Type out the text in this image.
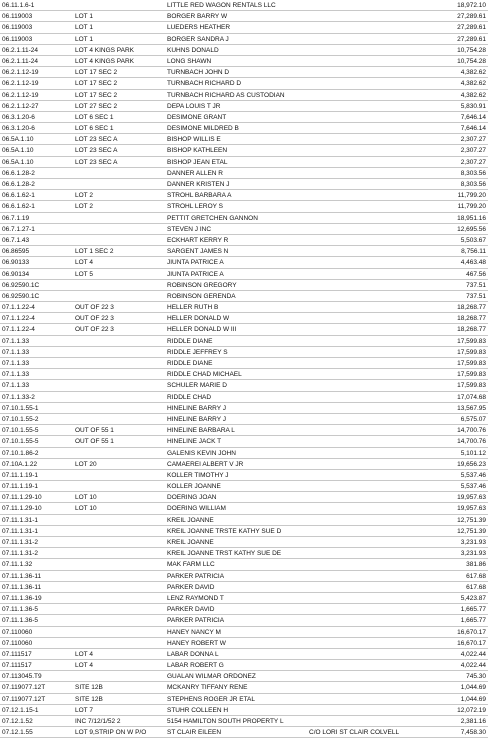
06.11.1.6-1	LITTLE RED WAGON RENTALS LLC	18,972.10
06.119003	LOT 1	BORGER BARRY W	27,289.61
06.119003	LOT 1	LUEDERS HEATHER	27,289.61
06.119003	LOT 1	BORGER SANDRA J	27,289.61
06.2.1.11-24	LOT 4 KINGS PARK	KUHNS DONALD	10,754.28
06.2.1.11-24	LOT 4 KINGS PARK	LONG SHAWN	10,754.28
06.2.1.12-19	LOT 17 SEC 2	TURNBACH JOHN D	4,382.62
06.2.1.12-19	LOT 17 SEC 2	TURNBACH RICHARD D	4,382.62
06.2.1.12-19	LOT 17 SEC 2	TURNBACH RICHARD AS CUSTODIAN	4,382.62
06.2.1.12-27	LOT 27 SEC 2	DEPA LOUIS T JR	5,830.91
06.3.1.20-6	LOT 6 SEC 1	DESIMONE GRANT	7,646.14
06.3.1.20-6	LOT 6 SEC 1	DESIMONE MILDRED B	7,646.14
06.5A.1.10	LOT 23 SEC A	BISHOP WILLIS E	2,307.27
06.5A.1.10	LOT 23 SEC A	BISHOP KATHLEEN	2,307.27
06.5A.1.10	LOT 23 SEC A	BISHOP JEAN ETAL	2,307.27
06.6.1.28-2	DANNER ALLEN R	8,303.56
06.6.1.28-2	DANNER KRISTEN J	8,303.56
06.6.1.62-1	LOT 2	STROHL BARBARA A	11,799.20
06.6.1.62-1	LOT 2	STROHL LEROY S	11,799.20
06.7.1.19	PETTIT GRETCHEN GANNON	18,951.16
06.7.1.27-1	STEVEN J INC	12,695.56
06.7.1.43	ECKHART KERRY R	5,503.67
06.86595	LOT 1 SEC 2	SARGENT JAMES N	8,756.11
06.90133	LOT 4	JIUNTA PATRICE A	4,463.48
06.90134	LOT 5	JIUNTA PATRICE A	467.56
06.92590.1C	ROBINSON GREGORY	737.51
06.92590.1C	ROBINSON GERENDA	737.51
07.1.1.22-4	OUT OF 22 3	HELLER RUTH B	18,268.77
07.1.1.22-4	OUT OF 22 3	HELLER DONALD W	18,268.77
07.1.1.22-4	OUT OF 22 3	HELLER DONALD W III	18,268.77
07.1.1.33	RIDDLE DIANE	17,599.83
07.1.1.33	RIDDLE JEFFREY S	17,599.83
07.1.1.33	RIDDLE DIANE	17,599.83
07.1.1.33	RIDDLE CHAD MICHAEL	17,599.83
07.1.1.33	SCHULER MARIE D	17,599.83
07.1.1.33-2	RIDDLE CHAD	17,074.68
07.10.1.55-1	HINELINE BARRY J	13,567.95
07.10.1.55-2	HINELINE BARRY J	6,575.07
07.10.1.55-5	OUT OF 55 1	HINELINE BARBARA L	14,700.76
07.10.1.55-5	OUT OF 55 1	HINELINE JACK T	14,700.76
07.10.1.86-2	GALENIS KEVIN JOHN	5,101.12
07.10A.1.22	LOT 20	CAMAEREI ALBERT V JR	19,656.23
07.11.1.19-1	KOLLER TIMOTHY J	5,537.46
07.11.1.19-1	KOLLER JOANNE	5,537.46
07.11.1.29-10	LOT 10	DOERING JOAN	19,957.63
07.11.1.29-10	LOT 10	DOERING WILLIAM	19,957.63
07.11.1.31-1	KREIL JOANNE	12,751.39
07.11.1.31-1	KREIL JOANNE TRSTE KATHY SUE D	12,751.39
07.11.1.31-2	KREIL JOANNE	3,231.93
07.11.1.31-2	KREIL JOANNE TRST KATHY SUE DE	3,231.93
07.11.1.32	MAK FARM LLC	381.86
07.11.1.36-11	PARKER PATRICIA	617.68
07.11.1.36-11	PARKER DAVID	617.68
07.11.1.36-19	LENZ RAYMOND T	5,423.87
07.11.1.36-5	PARKER DAVID	1,665.77
07.11.1.36-5	PARKER PATRICIA	1,665.77
07.110060	HANEY NANCY M	16,670.17
07.110060	HANEY ROBERT W	16,670.17
07.111517	LOT 4	LABAR DONNA L	4,022.44
07.111517	LOT 4	LABAR ROBERT G	4,022.44
07.113045.T9	GUALAN WILMAR ORDONEZ	745.30
07.119077.12T	SITE 12B	MCKANRY TIFFANY RENE	1,044.69
07.119077.12T	SITE 12B	STEPHENS ROGER JR ETAL	1,044.69
07.12.1.15-1	LOT 7	STUHR COLLEEN H	12,072.19
07.12.1.52	INC 7/12/1/52 2	5154 HAMILTON SOUTH PROPERTY L	2,381.16
07.12.1.55	LOT 9,STRIP ON W P/O	ST CLAIR EILEEN	C/O LORI ST CLAIR COLVELL	7,458.30
